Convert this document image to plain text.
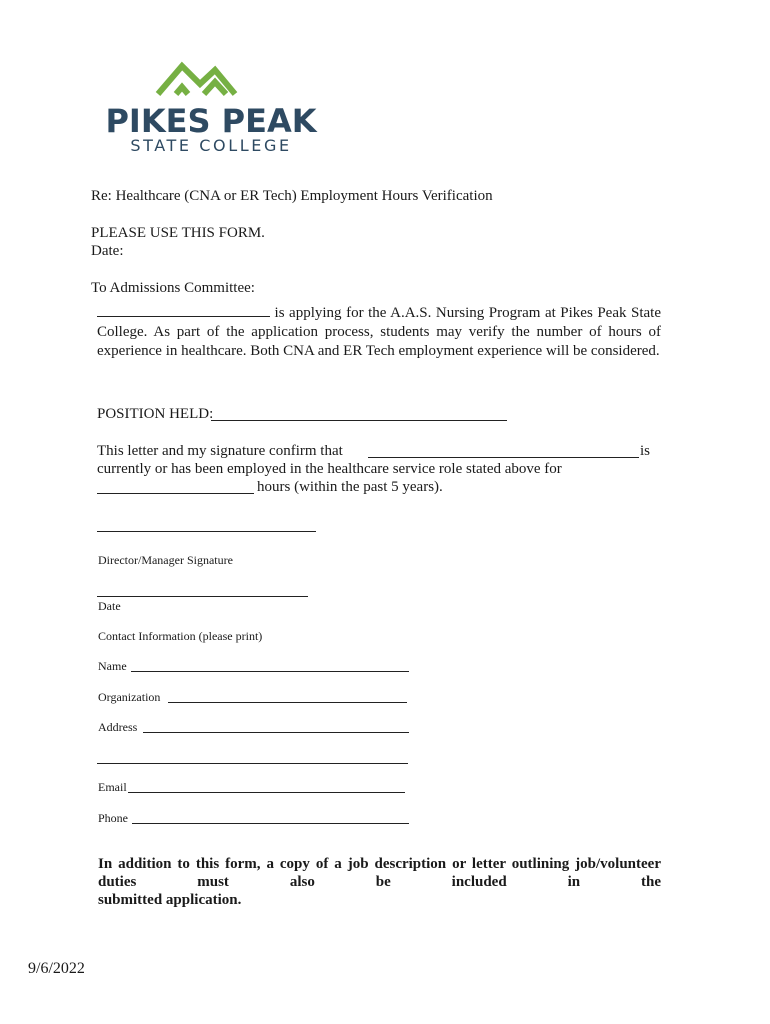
PIKES PEAK
STATE COLLEGE
Re: Healthcare (CNA or ER Tech) Employment Hours Verification
PLEASE USE THIS FORM.
Date:
To Admissions Committee:
is applying for the A.A.S. Nursing Program at Pikes Peak State College. As part of the application process, students may verify the number of hours of experience in healthcare. Both CNA and ER Tech employment experience will be considered.
POSITION HELD:
This letter and my signature confirm that	is
currently or has been employed in the healthcare service role stated above for
hours (within the past 5 years).
Director/Manager Signature
Date
Contact Information (please print)
Name
Organization
Address
Email
Phone
In addition to this form, a copy of a job description or letter outlining job/volunteer duties must also be included in the
submitted application.
9/6/2022
